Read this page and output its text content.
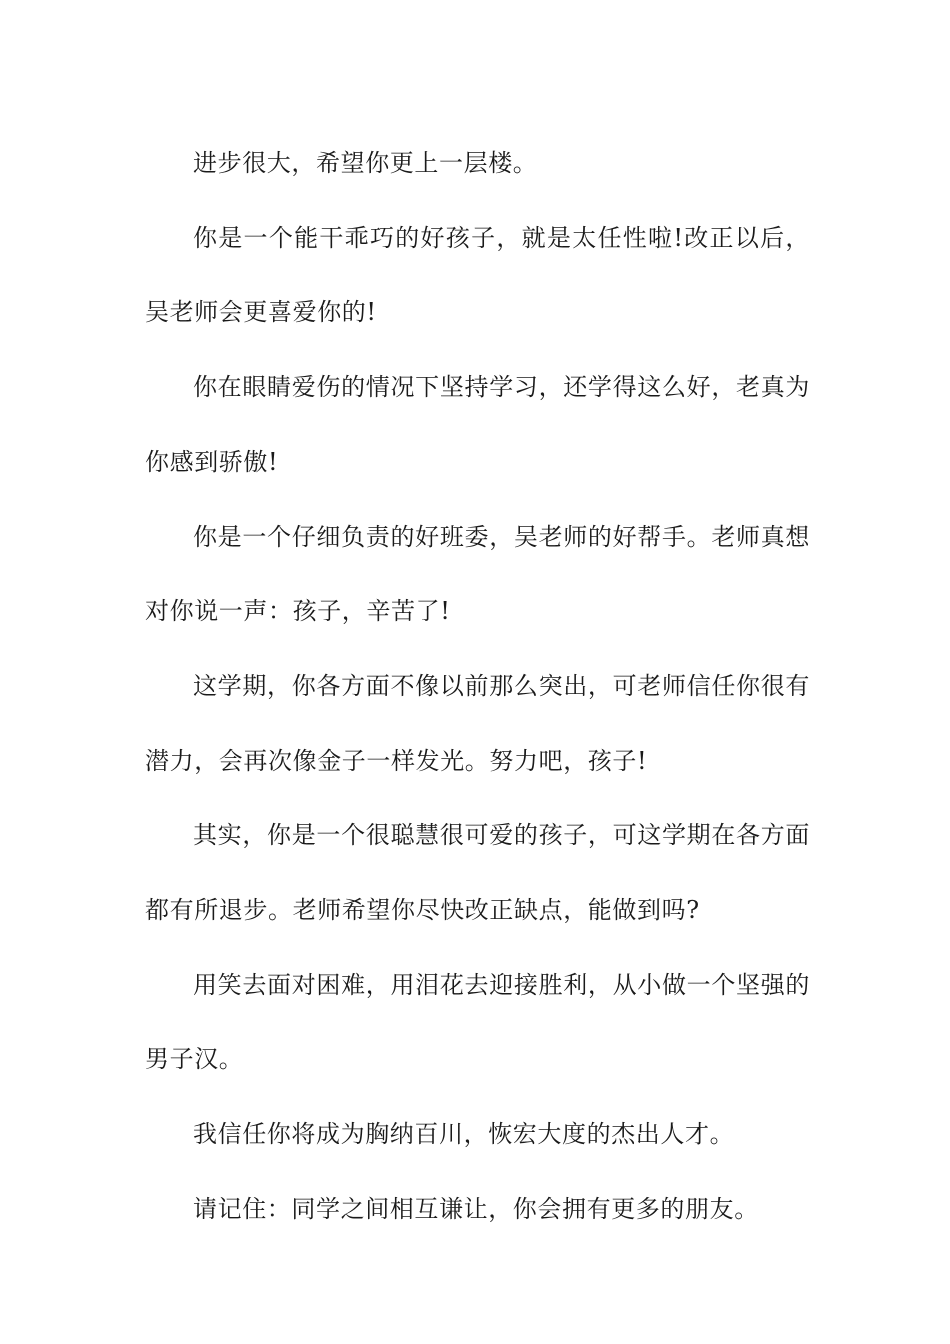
进步很大，希望你更上一层楼。

你是一个能干乖巧的好孩子，就是太任性啦!改正以后，吴老师会更喜爱你的!

你在眼睛爱伤的情况下坚持学习，还学得这么好，老真为你感到骄傲!

你是一个仔细负责的好班委，吴老师的好帮手。老师真想对你说一声：孩子，辛苦了!

这学期，你各方面不像以前那么突出，可老师信任你很有潜力，会再次像金子一样发光。努力吧，孩子!

其实，你是一个很聪慧很可爱的孩子，可这学期在各方面都有所退步。老师希望你尽快改正缺点，能做到吗?

用笑去面对困难，用泪花去迎接胜利，从小做一个坚强的男子汉。

我信任你将成为胸纳百川，恢宏大度的杰出人才。

请记住：同学之间相互谦让，你会拥有更多的朋友。
